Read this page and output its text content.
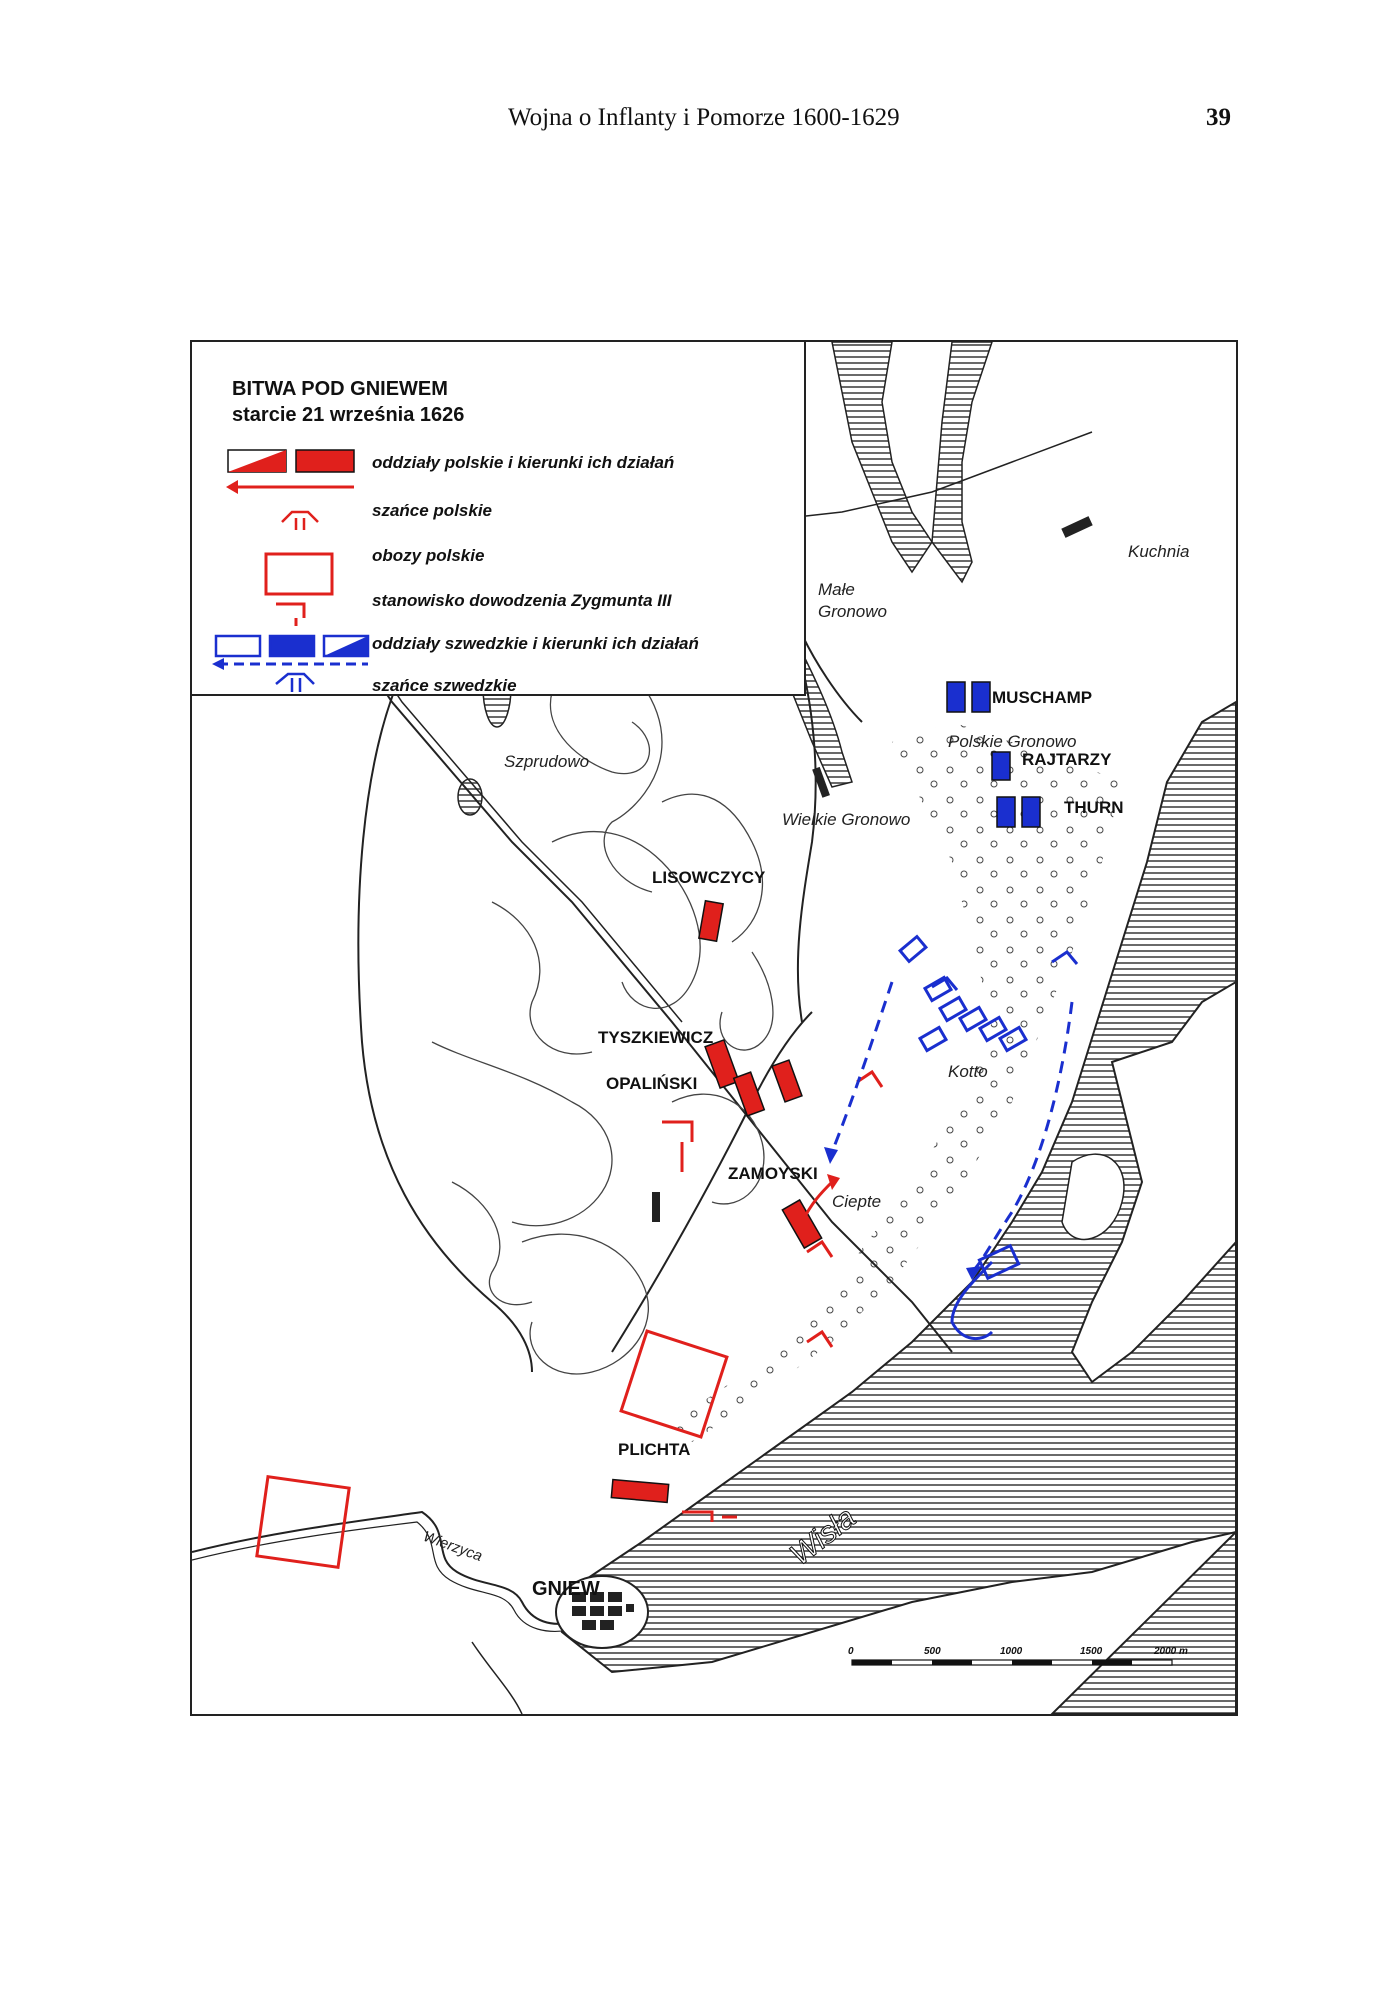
Wojna o Inflanty i Pomorze 1600-1629	39
BITWA POD GNIEWEM
starcie 21 września 1626
oddziały polskie i kierunki ich działań
szańce polskie
obozy polskie
stanowisko dowodzenia Zygmunta III
oddziały szwedzkie i kierunki ich działań
szańce szwedzkie
MUSCHAMP
RAJTARZY
THURN
LISOWCZYCY
TYSZKIEWICZ
OPALIŃSKI
ZAMOYSKI
PLICHTA
Kuchnia
Małe
Gronowo
Polskie Gronowo
Wielkie Gronowo
Szprudowo
Kotto
Ciepte
GNIEW
Wierzyca	Wisła
0	500	1000	1500	2000 m
